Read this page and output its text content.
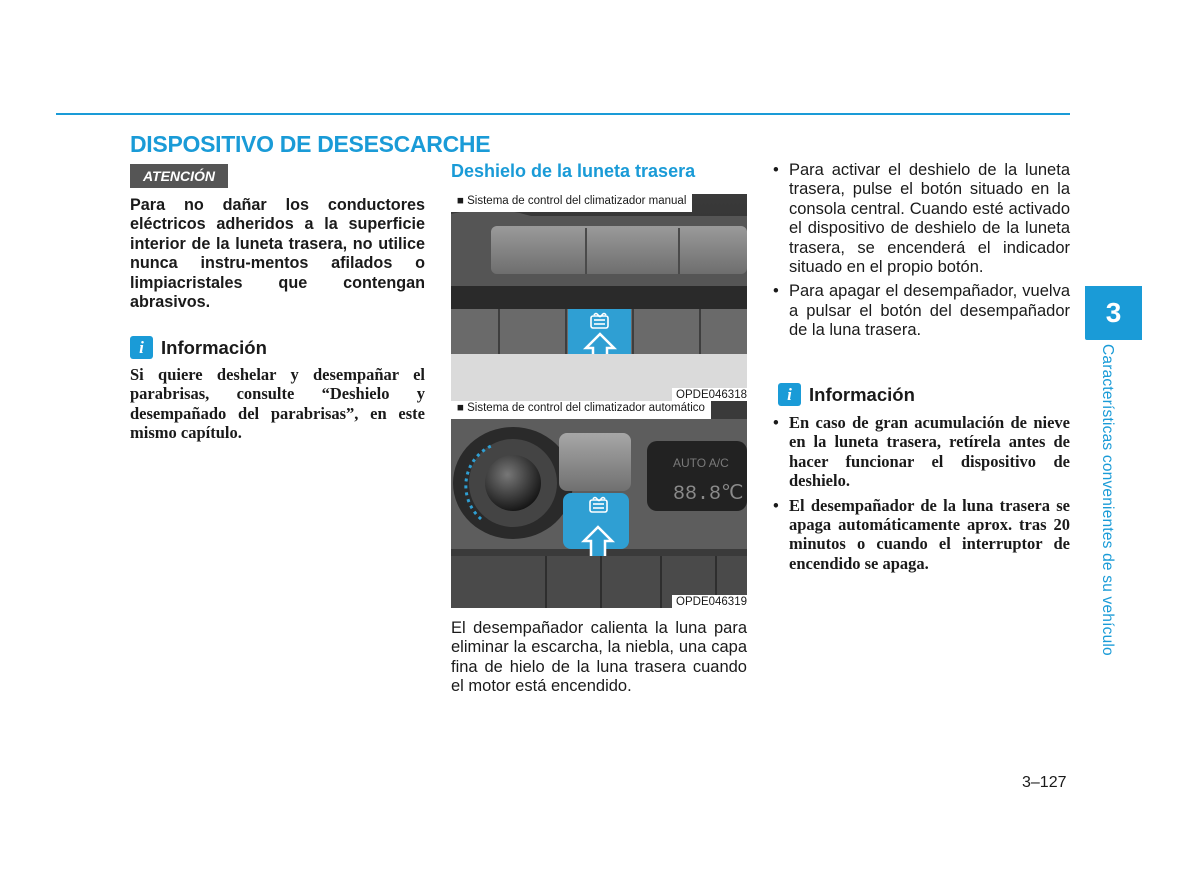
DISPOSITIVO DE DESESCARCHE
ATENCIÓN
Para no dañar los conductores eléctricos adheridos a la superficie interior de la luneta trasera, no utilice nunca instru-mentos afilados o limpiacristales que contengan abrasivos.
i Información
Si quiere deshelar y desempañar el parabrisas, consulte “Deshielo y desempañado del parabrisas”, en este mismo capítulo.
Deshielo de la luneta trasera
■ Sistema de control del climatizador manual
OPDE046318
AUTO A/C
88.8℃
■ Sistema de control del climatizador automático
OPDE046319
El desempañador calienta la luna para eliminar la escarcha, la niebla, una capa fina de hielo de la luna trasera cuando el motor está encendido.
• Para activar el deshielo de la luneta trasera, pulse el botón situado en la consola central. Cuando esté activado el dispositivo de deshielo de la luneta trasera, se encenderá el indicador situado en el propio botón.
• Para apagar el desempañador, vuelva a pulsar el botón del desempañador de la luna trasera.
i Información
• En caso de gran acumulación de nieve en la luneta trasera, retírela antes de hacer funcionar el dispositivo de deshielo.
• El desempañador de la luna trasera se apaga automáticamente aprox. tras 20 minutos o cuando el interruptor de encendido se apaga.
3
Características convenientes de su vehículo
3–127
